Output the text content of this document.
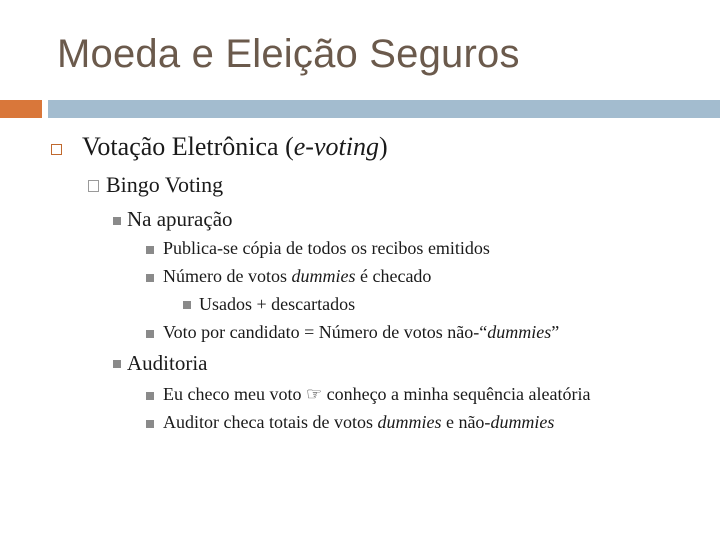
Moeda e Eleição Seguros
Votação Eletrônica (e-voting)
Bingo Voting
Na apuração
Publica-se cópia de todos os recibos emitidos
Número de votos dummies é checado
Usados + descartados
Voto por candidato = Número de votos não-“dummies”
Auditoria
Eu checo meu voto ☞ conheço a minha sequência aleatória
Auditor checa totais de votos dummies e não-dummies
